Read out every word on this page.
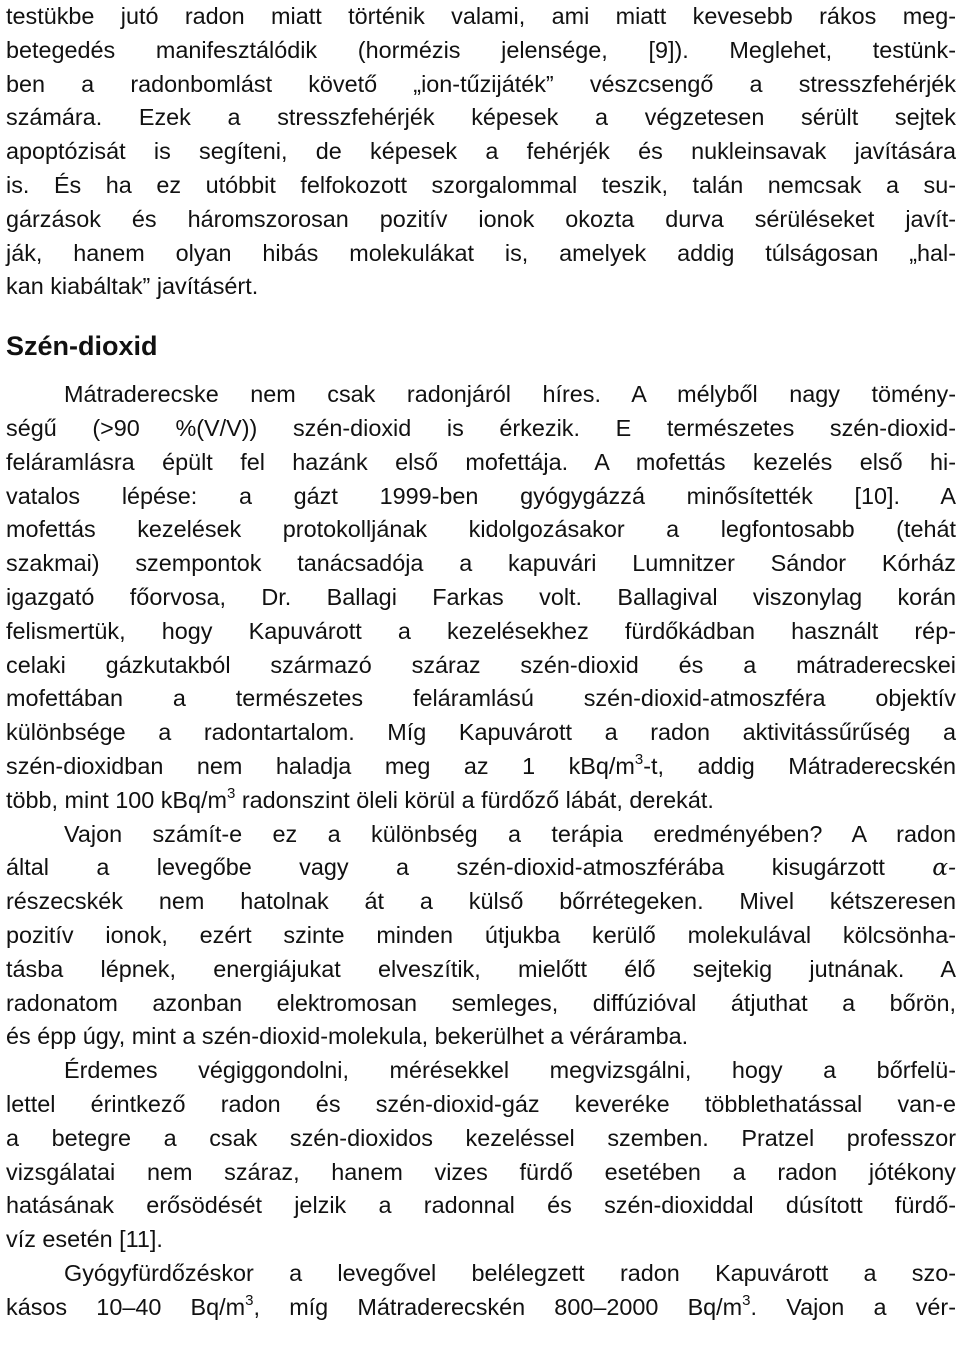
testükbe jutó radon miatt történik valami, ami miatt kevesebb rákos meg-
betegedés manifesztálódik (hormézis jelensége, [9]). Meglehet, testünk-
ben a radonbomlást követő „ion-tűzijáték” vészcsengő a stresszfehérjék
számára. Ezek a stresszfehérjék képesek a végzetesen sérült sejtek
apoptózisát is segíteni, de képesek a fehérjék és nukleinsavak javítására
is. És ha ez utóbbit felfokozott szorgalommal teszik, talán nemcsak a su-
gárzások és háromszorosan pozitív ionok okozta durva sérüléseket javít-
ják, hanem olyan hibás molekulákat is, amelyek addig túlságosan „hal-
kan kiabáltak” javításért.
Szén-dioxid
Mátraderecske nem csak radonjáról híres. A mélyből nagy tömény-
ségű (>90 %(V/V)) szén-dioxid is érkezik. E természetes szén-dioxid-
feláramlásra épült fel hazánk első mofettája. A mofettás kezelés első hi-
vatalos lépése: a gázt 1999-ben gyógygázzá minősítették [10]. A
mofettás kezelések protokolljának kidolgozásakor a legfontosabb (tehát
szakmai) szempontok tanácsadója a kapuvári Lumnitzer Sándor Kórház
igazgató főorvosa, Dr. Ballagi Farkas volt. Ballagival viszonylag korán
felismertük, hogy Kapuvárott a kezelésekhez fürdőkádban használt rép-
celaki gázkutakból származó száraz szén-dioxid és a mátraderecskei
mofettában a természetes feláramlású szén-dioxid-atmoszféra objektív
különbsége a radontartalom. Míg Kapuvárott a radon aktivitássűrűség a
szén-dioxidban nem haladja meg az 1 kBq/$m^3-t$, addig Mátraderecskén
több, mint 100 kBq/$m^3$ radonszint öleli körül a fürdőző lábát, derekát.
Vajon számít-e ez a különbség a terápia eredményében? A radon
által a levegőbe vagy a szén-dioxid-atmoszférába kisugárzott α-
részecskék nem hatolnak át a külső bőrrétegeken. Mivel kétszeresen
pozitív ionok, ezért szinte minden útjukba kerülő molekulával kölcsönha-
tásba lépnek, energiájukat elveszítik, mielőtt élő sejtekig jutnának. A
radonatom azonban elektromosan semleges, diffúzióval átjuthat a bőrön,
és épp úgy, mint a szén-dioxid-molekula, bekerülhet a véráramba.
Érdemes végiggondolni, mérésekkel megvizsgálni, hogy a bőrfelü-
lettel érintkező radon és szén-dioxid-gáz keveréke többlethatással van-e
a betegre a csak szén-dioxidos kezeléssel szemben. Pratzel professzor
vizsgálatai nem száraz, hanem vizes fürdő esetében a radon jótékony
hatásának erősödését jelzik a radonnal és szén-dioxiddal dúsított fürdő-
víz esetén [11].
Gyógyfürdőzéskor a levegővel belélegzett radon Kapuvárott a szo-
kásos 10–40 $Bq/m^3$, míg Mátraderecskén 800–2000 $Bq/m^3$. Vajon a vér-
